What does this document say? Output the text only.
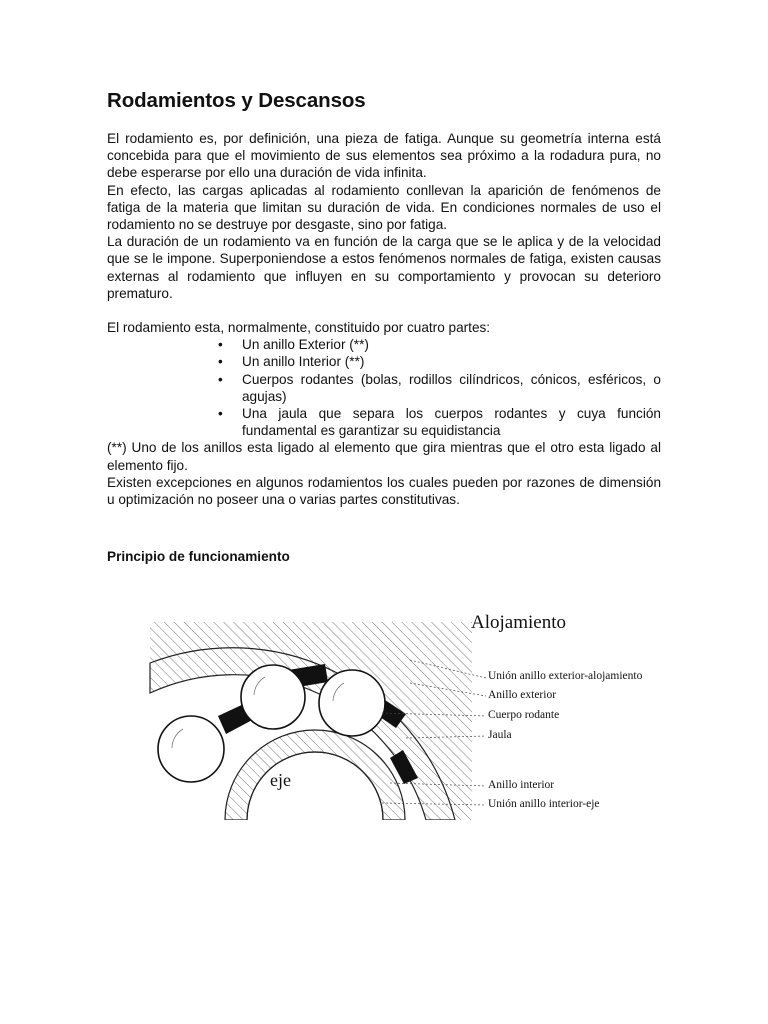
Rodamientos y Descansos

El rodamiento es, por definición, una pieza de fatiga. Aunque su geometría interna está concebida para que el movimiento de sus elementos sea próximo a la rodadura pura, no debe esperarse por ello una duración de vida infinita.

En efecto, las cargas aplicadas al rodamiento conllevan la aparición de fenómenos de fatiga de la materia que limitan su duración de vida. En condiciones normales de uso el rodamiento no se destruye por desgaste, sino por fatiga.

La duración de un rodamiento va en función de la carga que se le aplica y de la velocidad que se le impone. Superponiendose a estos fenómenos normales de fatiga, existen causas externas al rodamiento que influyen en su comportamiento y provocan su deterioro prematuro.

El rodamiento esta, normalmente, constituido por cuatro partes:

• Un anillo Exterior (**)
• Un anillo Interior (**)
• Cuerpos rodantes (bolas, rodillos cilíndricos, cónicos, esféricos, o agujas)
• Una jaula que separa los cuerpos rodantes y cuya función fundamental es garantizar su equidistancia

(**) Uno de los anillos esta ligado al elemento que gira mientras que el otro esta ligado al elemento fijo.

Existen excepciones en algunos rodamientos los cuales pueden por razones de dimensión u optimización no poseer una o varias partes constitutivas.

Principio de funcionamiento
Alojamiento
eje
Unión anillo exterior-alojamiento
Anillo exterior
Cuerpo rodante
Jaula
Anillo interior
Unión anillo interior-eje
